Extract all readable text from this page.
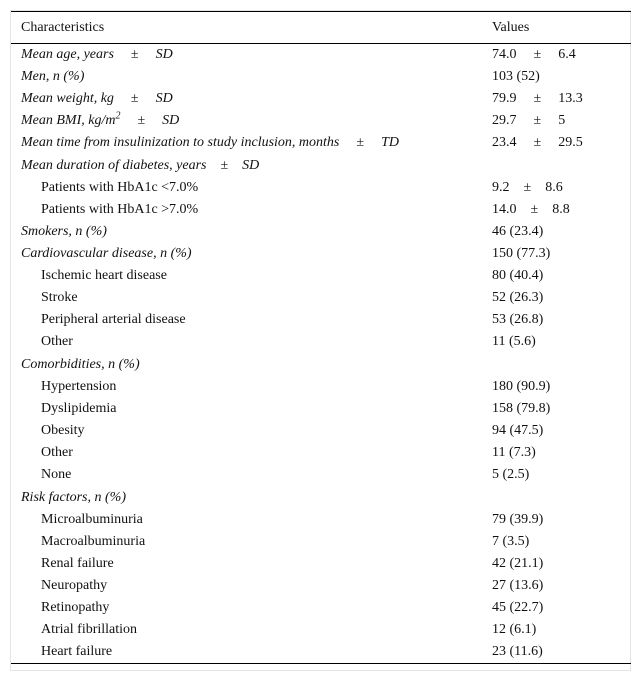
Characteristics	Values
Mean age, years ± SD	74.0 ± 6.4
Men, n (%)	103 (52)
Mean weight, kg ± SD	79.9 ± 13.3
Mean BMI, $kg/m^2$ ± SD	29.7 ± 5
Mean time from insulinization to study inclusion, months ± TD	23.4 ± 29.5
Mean duration of diabetes, years ± SD	
Patients with HbA1c <7.0%	9.2 ± 8.6
Patients with HbA1c >7.0%	14.0 ± 8.8
Smokers, n (%)	46 (23.4)
Cardiovascular disease, n (%)	150 (77.3)
Ischemic heart disease	80 (40.4)
Stroke	52 (26.3)
Peripheral arterial disease	53 (26.8)
Other	11 (5.6)
Comorbidities, n (%)	
Hypertension	180 (90.9)
Dyslipidemia	158 (79.8)
Obesity	94 (47.5)
Other	11 (7.3)
None	5 (2.5)
Risk factors, n (%)	
Microalbuminuria	79 (39.9)
Macroalbuminuria	7 (3.5)
Renal failure	42 (21.1)
Neuropathy	27 (13.6)
Retinopathy	45 (22.7)
Atrial fibrillation	12 (6.1)
Heart failure	23 (11.6)
